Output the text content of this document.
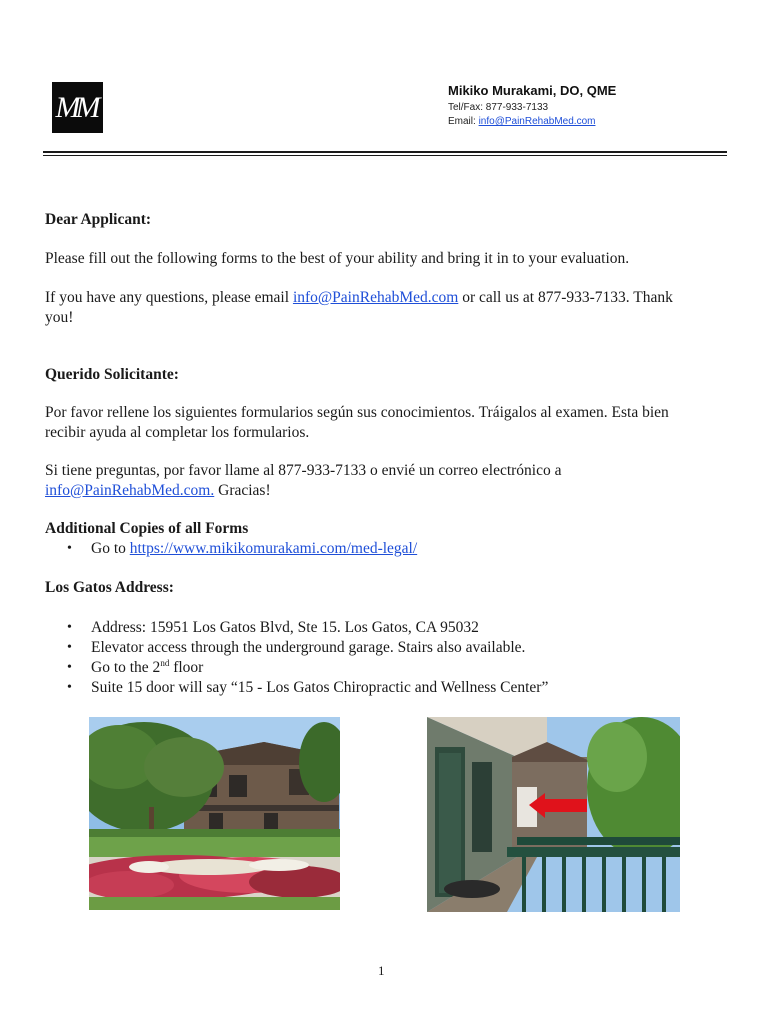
MM	Mikiko Murakami, DO, QME
Tel/Fax: 877-933-7133
Email: info@PainRehabMed.com

Dear Applicant:

Please fill out the following forms to the best of your ability and bring it in to your evaluation.

If you have any questions, please email info@PainRehabMed.com or call us at 877-933-7133. Thank
you!

Querido Solicitante:

Por favor rellene los siguientes formularios según sus conocimientos. Tráigalos al examen. Esta bien
recibir ayuda al completar los formularios.

Si tiene preguntas, por favor llame al 877-933-7133 o envié un correo electrónico a
info@PainRehabMed.com. Gracias!

Additional Copies of all Forms

• Go to https://www.mikikomurakami.com/med-legal/

Los Gatos Address:

• Address: 15951 Los Gatos Blvd, Ste 15. Los Gatos, CA 95032
• Elevator access through the underground garage. Stairs also available.
• Go to the 2nd floor
• Suite 15 door will say “15 - Los Gatos Chiropractic and Wellness Center”
1
